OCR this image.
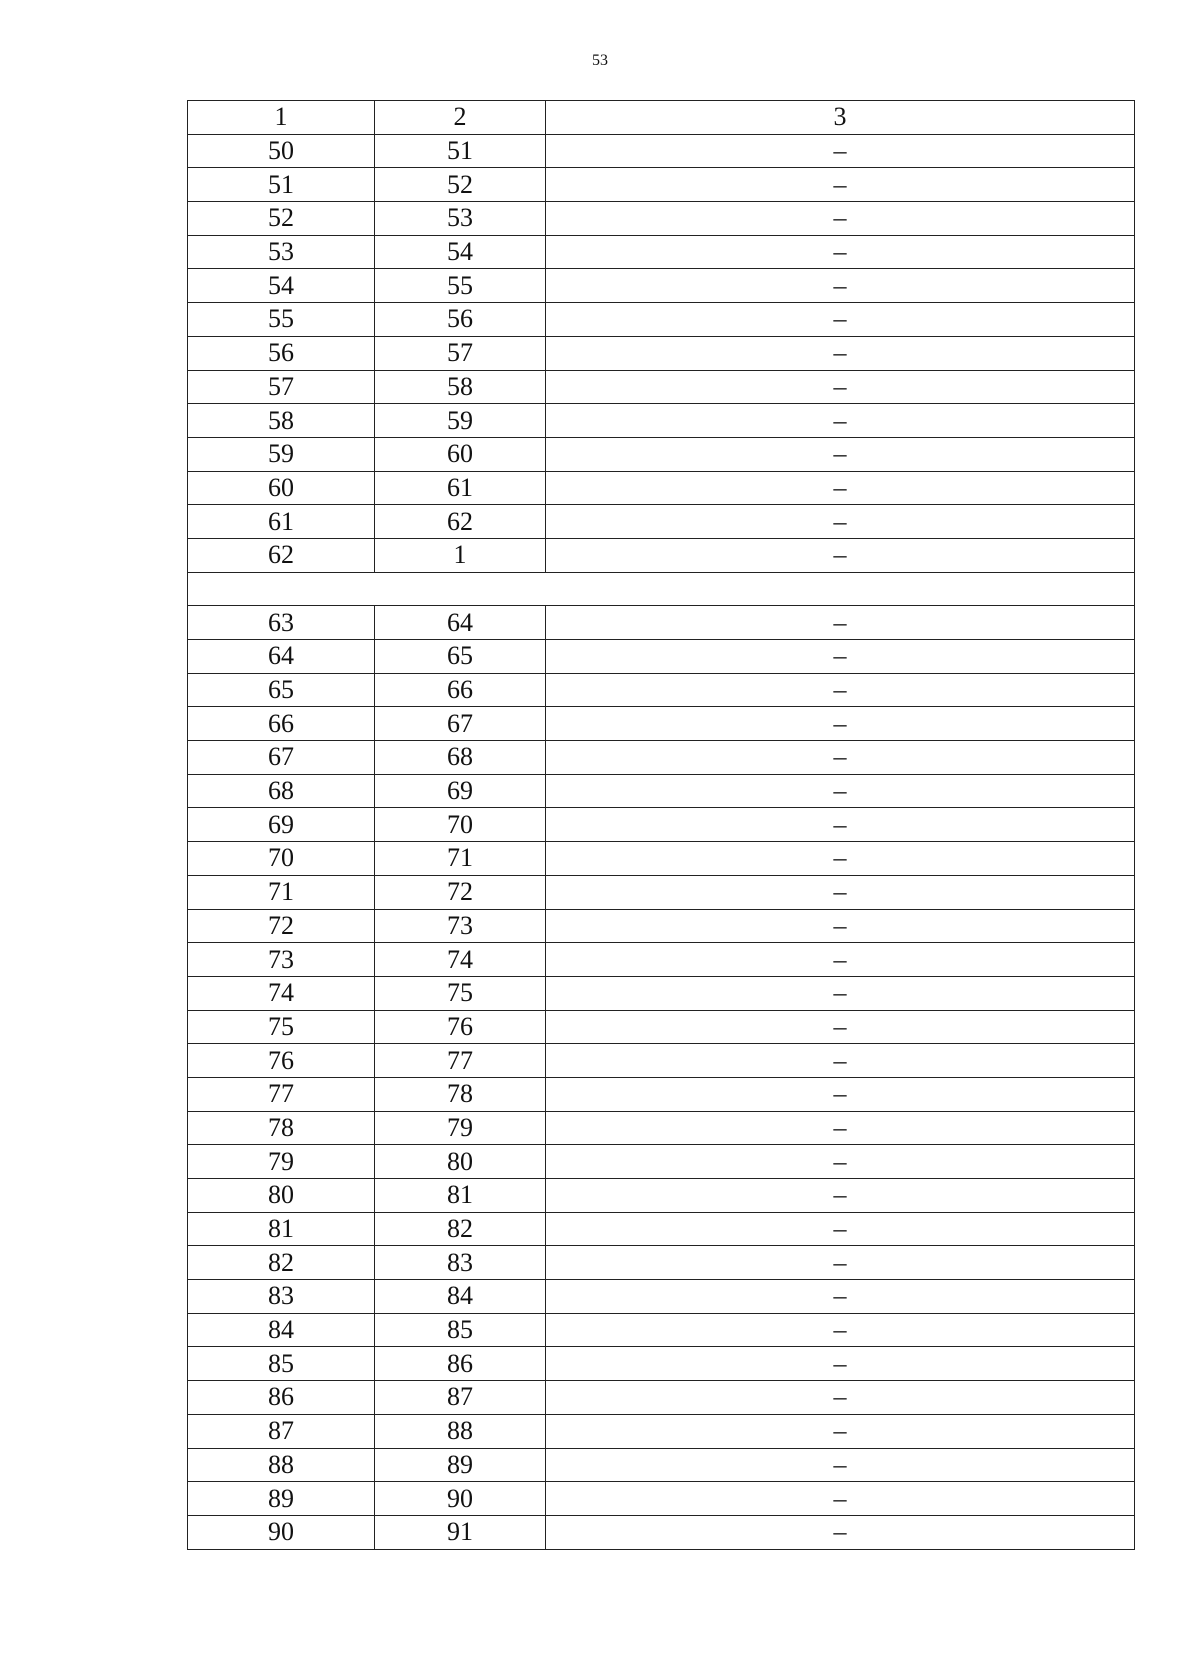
53
1	2	3
50	51	–
51	52	–
52	53	–
53	54	–
54	55	–
55	56	–
56	57	–
57	58	–
58	59	–
59	60	–
60	61	–
61	62	–
62	1	–

63	64	–
64	65	–
65	66	–
66	67	–
67	68	–
68	69	–
69	70	–
70	71	–
71	72	–
72	73	–
73	74	–
74	75	–
75	76	–
76	77	–
77	78	–
78	79	–
79	80	–
80	81	–
81	82	–
82	83	–
83	84	–
84	85	–
85	86	–
86	87	–
87	88	–
88	89	–
89	90	–
90	91	–
